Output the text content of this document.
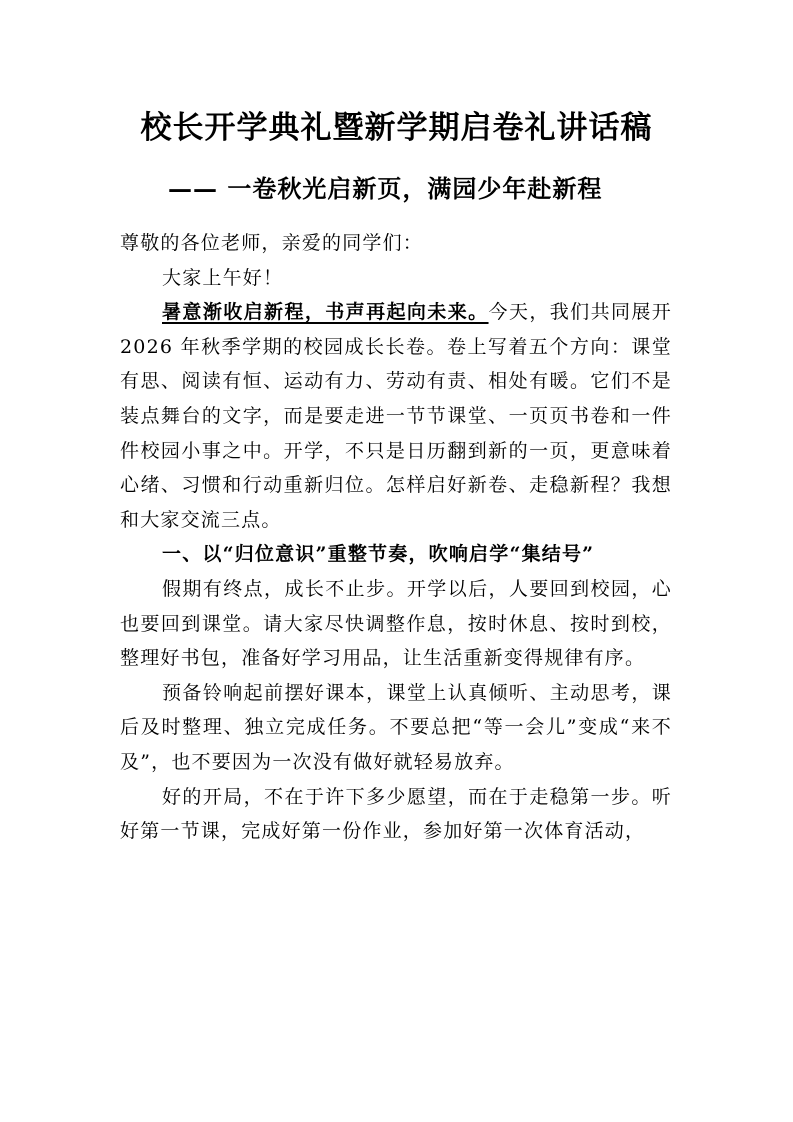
校长开学典礼暨新学期启卷礼讲话稿
—— 一卷秋光启新页，满园少年赴新程

尊敬的各位老师，亲爱的同学们：

大家上午好！

暑意渐收启新程，书声再起向未来。今天，我们共同展开 2026 年秋季学期的校园成长长卷。卷上写着五个方向：课堂有思、阅读有恒、运动有力、劳动有责、相处有暖。它们不是装点舞台的文字，而是要走进一节节课堂、一页页书卷和一件件校园小事之中。开学，不只是日历翻到新的一页，更意味着心绪、习惯和行动重新归位。怎样启好新卷、走稳新程？我想和大家交流三点。

一、以“归位意识”重整节奏，吹响启学“集结号”

假期有终点，成长不止步。开学以后，人要回到校园，心也要回到课堂。请大家尽快调整作息，按时休息、按时到校，整理好书包，准备好学习用品，让生活重新变得规律有序。

预备铃响起前摆好课本，课堂上认真倾听、主动思考，课后及时整理、独立完成任务。不要总把“等一会儿”变成“来不及”，也不要因为一次没有做好就轻易放弃。

好的开局，不在于许下多少愿望，而在于走稳第一步。听好第一节课，完成好第一份作业，参加好第一次体育活动，
